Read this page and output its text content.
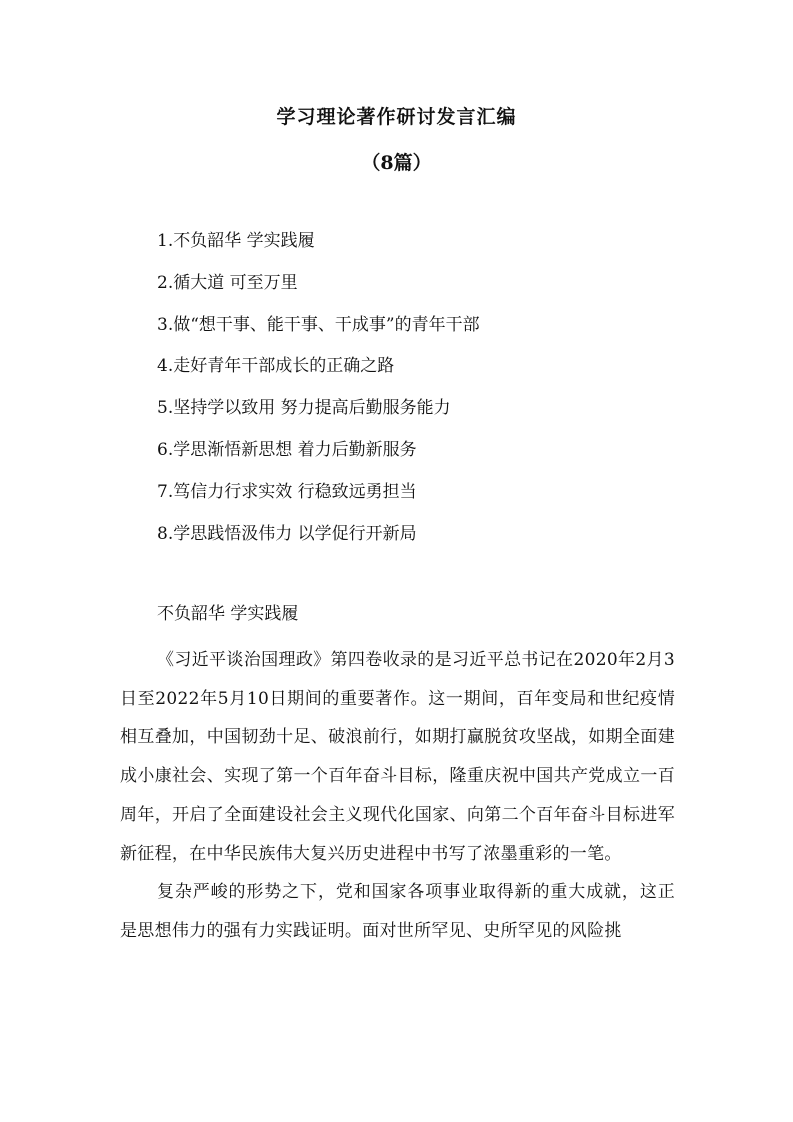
学习理论著作研讨发言汇编
（8篇）
1.不负韶华 学实践履
2.循大道 可至万里
3.做“想干事、能干事、干成事”的青年干部
4.走好青年干部成长的正确之路
5.坚持学以致用 努力提高后勤服务能力
6.学思渐悟新思想 着力后勤新服务
7.笃信力行求实效 行稳致远勇担当
8.学思践悟汲伟力 以学促行开新局
不负韶华 学实践履

《习近平谈治国理政》第四卷收录的是习近平总书记在2020年2月3日至2022年5月10日期间的重要著作。这一期间，百年变局和世纪疫情相互叠加，中国韧劲十足、破浪前行，如期打赢脱贫攻坚战，如期全面建成小康社会、实现了第一个百年奋斗目标，隆重庆祝中国共产党成立一百周年，开启了全面建设社会主义现代化国家、向第二个百年奋斗目标进军新征程，在中华民族伟大复兴历史进程中书写了浓墨重彩的一笔。

复杂严峻的形势之下，党和国家各项事业取得新的重大成就，这正是思想伟力的强有力实践证明。面对世所罕见、史所罕见的风险挑
